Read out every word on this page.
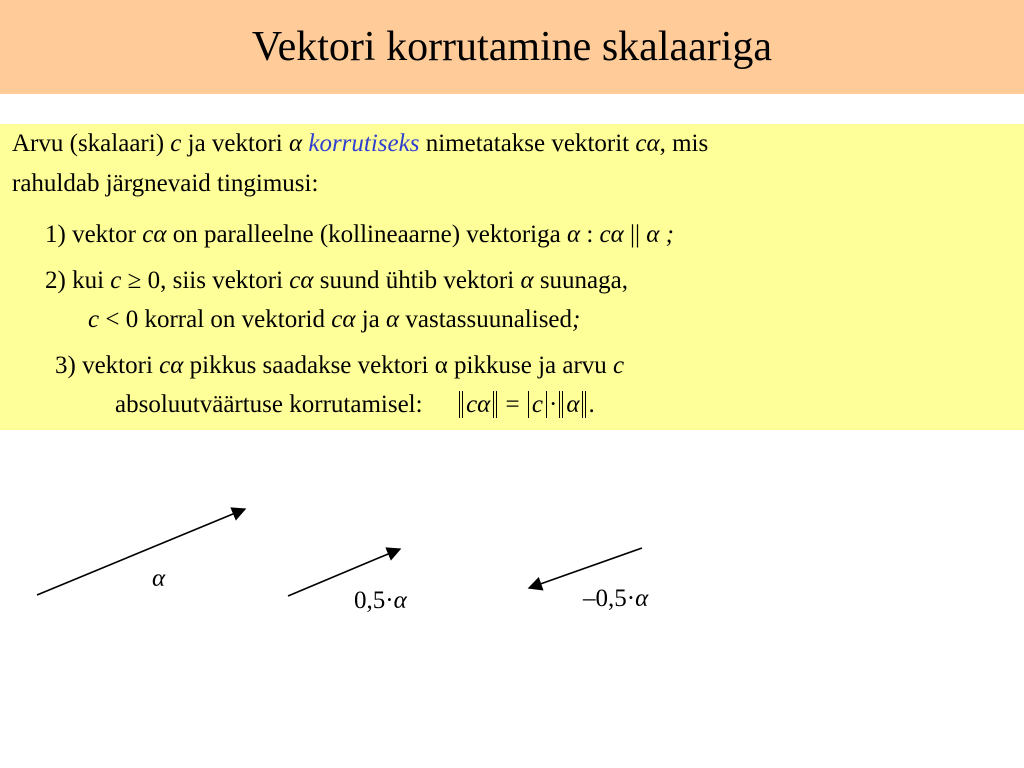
Vektori korrutamine skalaariga
Arvu (skalaari) c ja vektori α korrutiseks nimetatakse vektorit cα, mis
rahuldab järgnevaid tingimusi:
1) vektor cα on paralleelne (kollineaarne) vektoriga α : cα || α ;
2) kui c ≥ 0, siis vektori cα suund ühtib vektori α suunaga,
c < 0 korral on vektorid cα ja α vastassuunalised;
3) vektori cα pikkus saadakse vektori α pikkuse ja arvu c
absoluutväärtuse korrutamisel: cα = c · α .
α
0,5·α	–0,5·α
